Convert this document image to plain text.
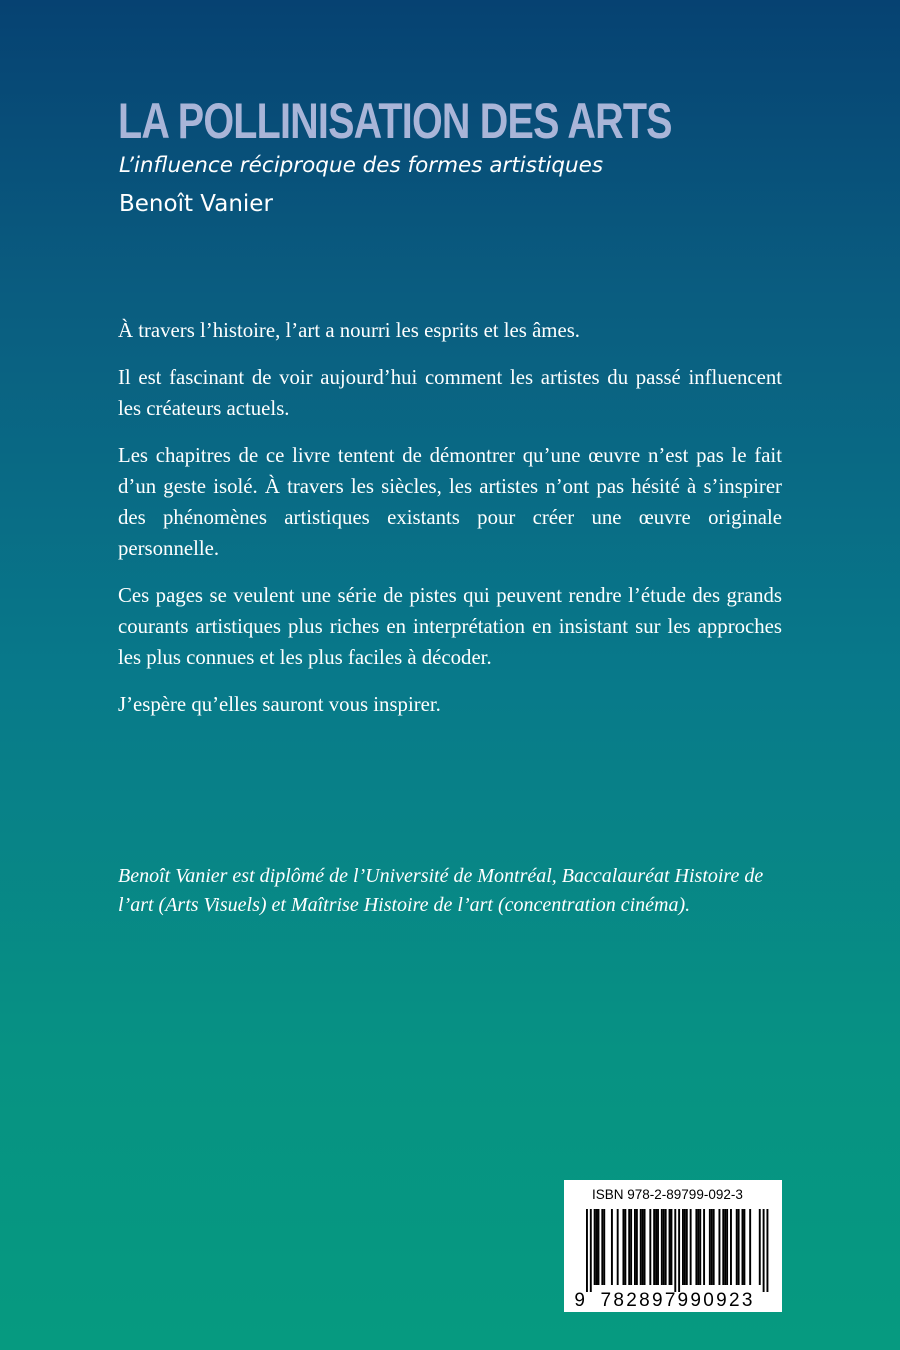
LA POLLINISATION DES ARTS
L’influence réciproque des formes artistiques
Benoît Vanier

À travers l’histoire, l’art a nourri les esprits et les âmes.

Il est fascinant de voir aujourd’hui comment les artistes du passé influencent les créateurs actuels.

Les chapitres de ce livre tentent de démontrer qu’une œuvre n’est pas le fait d’un geste isolé. À travers les siècles, les artistes n’ont pas hésité à s’inspirer des phénomènes artistiques existants pour créer une œuvre originale personnelle.

Ces pages se veulent une série de pistes qui peuvent rendre l’étude des grands courants artistiques plus riches en interprétation en insistant sur les approches les plus connues et les plus faciles à décoder.

J’espère qu’elles sauront vous inspirer.

Benoît Vanier est diplômé de l’Université de Montréal, Baccalauréat Histoire de l’art (Arts Visuels) et Maîtrise Histoire de l’art (concentration cinéma).

ISBN 978-2-89799-092-3
9 782897 990923
